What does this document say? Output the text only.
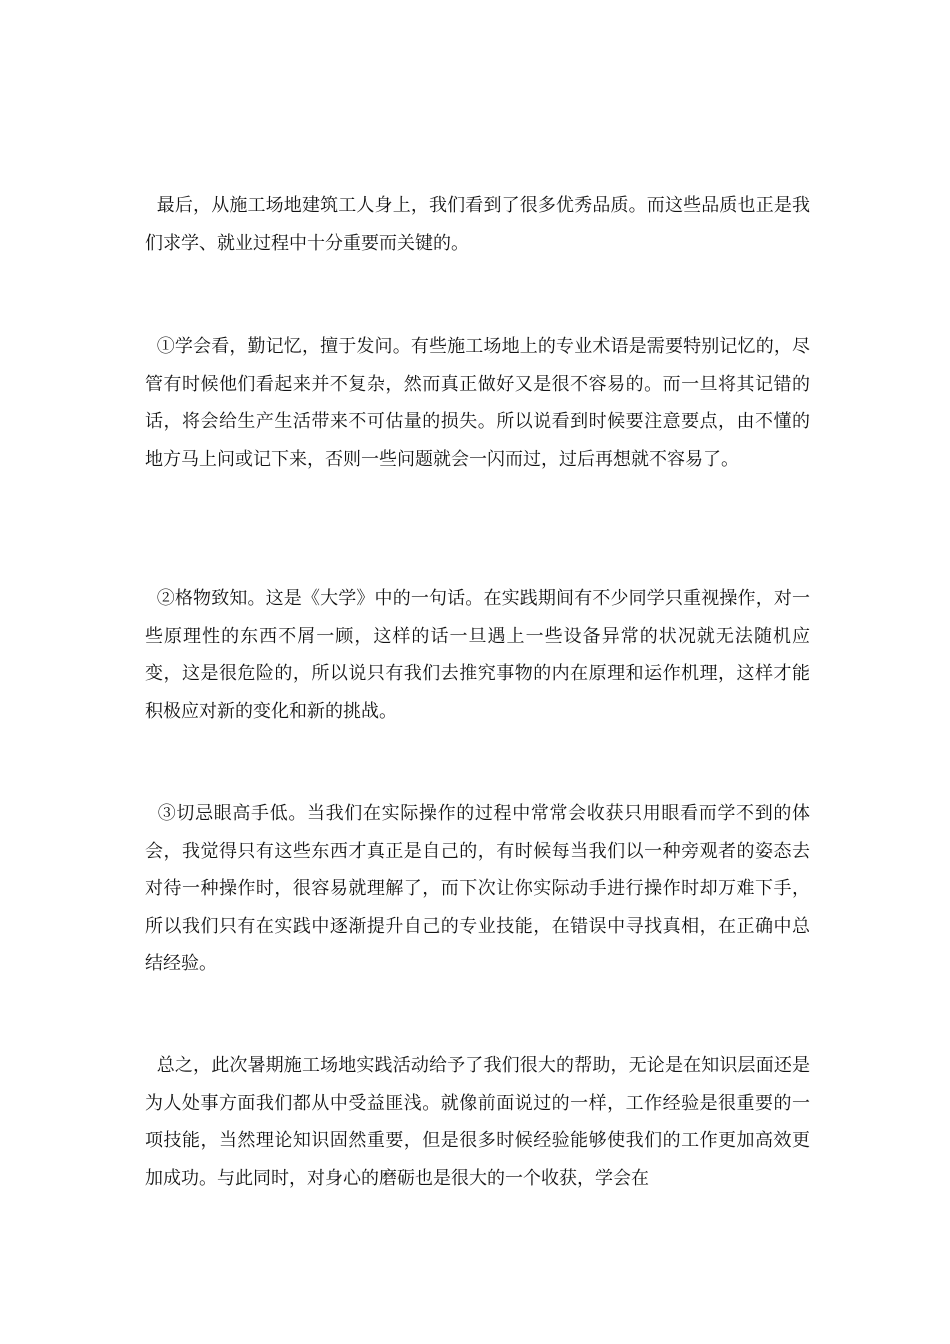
最后，从施工场地建筑工人身上，我们看到了很多优秀品质。而这些品质也正是我们求学、就业过程中十分重要而关键的。

①学会看，勤记忆，擅于发问。有些施工场地上的专业术语是需要特别记忆的，尽管有时候他们看起来并不复杂，然而真正做好又是很不容易的。而一旦将其记错的话，将会给生产生活带来不可估量的损失。所以说看到时候要注意要点，由不懂的地方马上问或记下来，否则一些问题就会一闪而过，过后再想就不容易了。

②格物致知。这是《大学》中的一句话。在实践期间有不少同学只重视操作，对一些原理性的东西不屑一顾，这样的话一旦遇上一些设备异常的状况就无法随机应变，这是很危险的，所以说只有我们去推究事物的内在原理和运作机理，这样才能积极应对新的变化和新的挑战。

③切忌眼高手低。当我们在实际操作的过程中常常会收获只用眼看而学不到的体会，我觉得只有这些东西才真正是自己的，有时候每当我们以一种旁观者的姿态去对待一种操作时，很容易就理解了，而下次让你实际动手进行操作时却万难下手，所以我们只有在实践中逐渐提升自己的专业技能，在错误中寻找真相，在正确中总结经验。

总之，此次暑期施工场地实践活动给予了我们很大的帮助，无论是在知识层面还是为人处事方面我们都从中受益匪浅。就像前面说过的一样，工作经验是很重要的一项技能，当然理论知识固然重要，但是很多时候经验能够使我们的工作更加高效更加成功。与此同时，对身心的磨砺也是很大的一个收获，学会在
